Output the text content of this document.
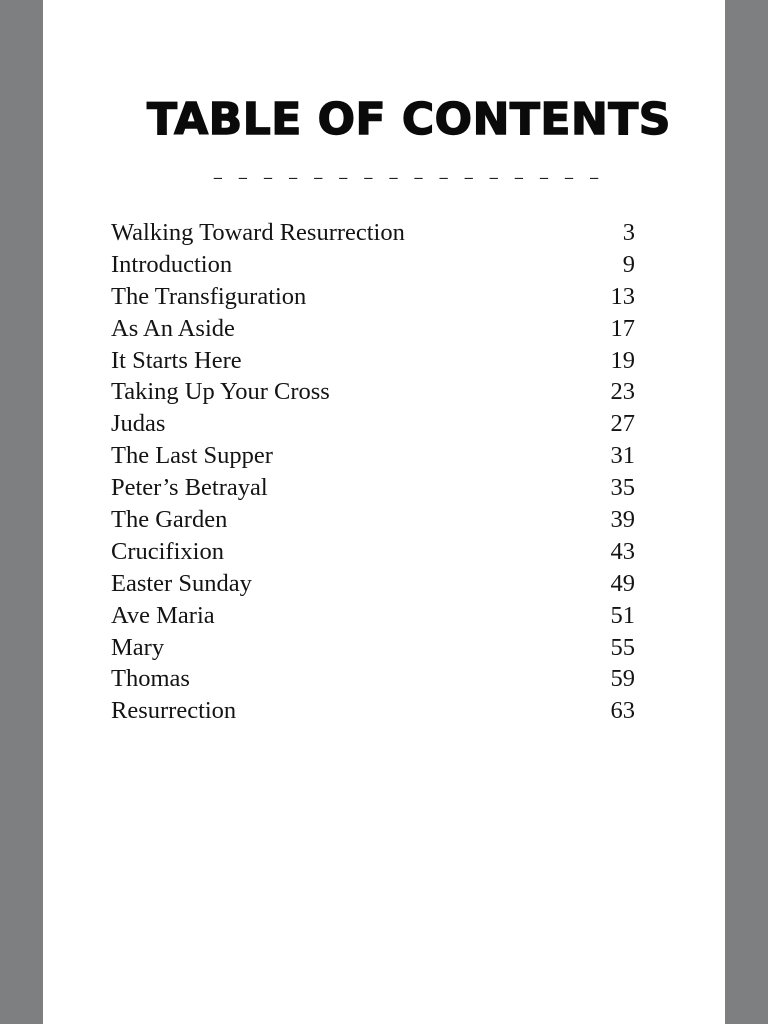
TABLE OF CONTENTS
_ _ _ _ _ _ _ _ _ _ _ _ _ _ _ _
Walking Toward Resurrection	3
Introduction	9
The Transfiguration	13
As An Aside	17
It Starts Here	19
Taking Up Your Cross	23
Judas	27
The Last Supper	31
Peter’s Betrayal	35
The Garden	39
Crucifixion	43
Easter Sunday	49
Ave Maria	51
Mary	55
Thomas	59
Resurrection	63
